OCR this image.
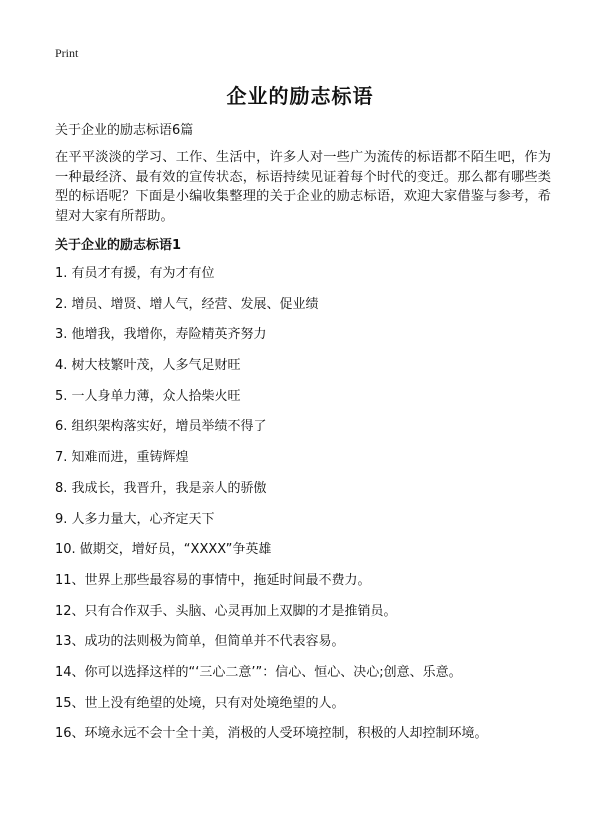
Print
企业的励志标语
关于企业的励志标语6篇

在平平淡淡的学习、工作、生活中，许多人对一些广为流传的标语都不陌生吧，作为一种最经济、最有效的宣传状态，标语持续见证着每个时代的变迁。那么都有哪些类型的标语呢？下面是小编收集整理的关于企业的励志标语，欢迎大家借鉴与参考，希望对大家有所帮助。

关于企业的励志标语1
1. 有员才有援，有为才有位
2. 增员、增贤、增人气，经营、发展、促业绩
3. 他增我，我增你，寿险精英齐努力
4. 树大枝繁叶茂，人多气足财旺
5. 一人身单力薄，众人拾柴火旺
6. 组织架构落实好，增员举绩不得了
7. 知难而进，重铸辉煌
8. 我成长，我晋升，我是亲人的骄傲
9. 人多力量大，心齐定天下
10. 做期交，增好员，“XXXX”争英雄
11、世界上那些最容易的事情中，拖延时间最不费力。
12、只有合作双手、头脑、心灵再加上双脚的才是推销员。
13、成功的法则极为简单，但简单并不代表容易。
14、你可以选择这样的“‘三心二意’”：信心、恒心、决心;创意、乐意。
15、世上没有绝望的处境，只有对处境绝望的人。
16、环境永远不会十全十美，消极的人受环境控制，积极的人却控制环境。
